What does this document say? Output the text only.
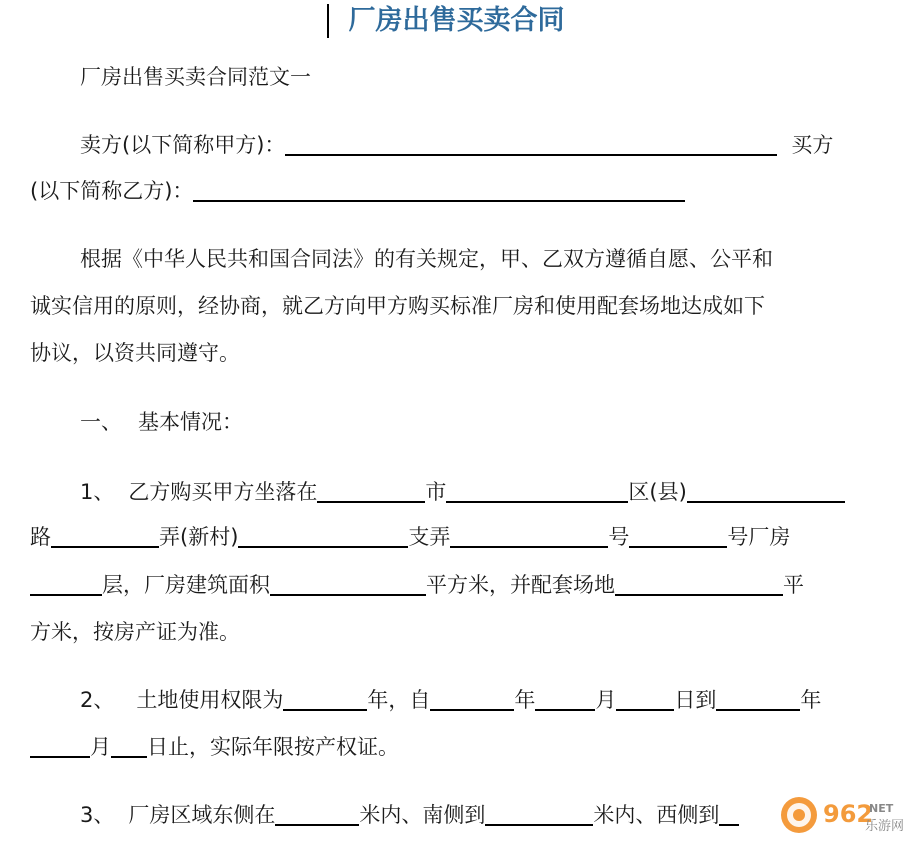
厂房出售买卖合同
厂房出售买卖合同范文一
卖方(以下简称甲方)：	买方
(以下简称乙方)：
根据《中华人民共和国合同法》的有关规定，甲、乙双方遵循自愿、公平和
诚实信用的原则，经协商，就乙方向甲方购买标准厂房和使用配套场地达成如下
协议，以资共同遵守。
一、 基本情况：
1、 乙方购买甲方坐落在	市	区(县)
路	弄(新村)	支弄	号	号厂房
层，厂房建筑面积	平方米，并配套场地	平
方米，按房产证为准。
2、 土地使用权限为	年，自	年	月	日到	年
月 日止，实际年限按产权证。
3、 厂房区域东侧在	米内、南侧到	米内、西侧到	962
NET
乐游网
